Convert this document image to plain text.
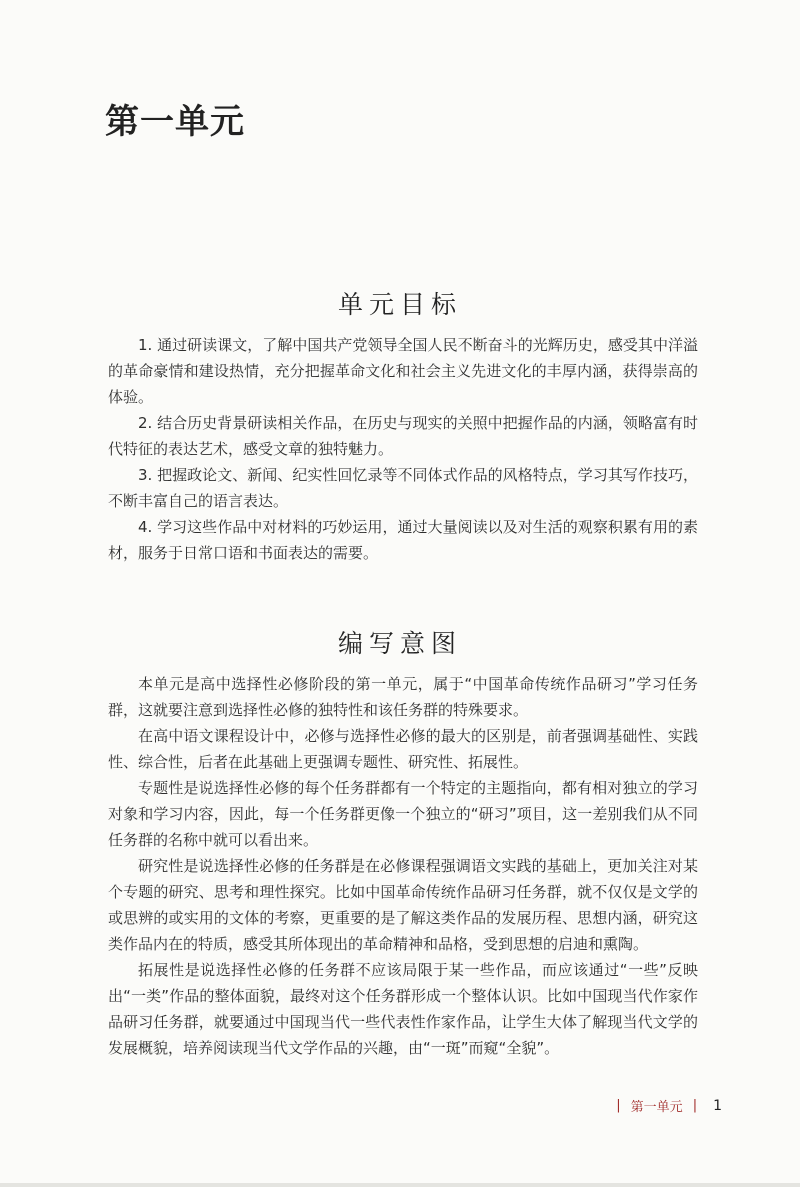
第一单元
单元目标

1. 通过研读课文，了解中国共产党领导全国人民不断奋斗的光辉历史，感受其中洋溢的革命豪情和建设热情，充分把握革命文化和社会主义先进文化的丰厚内涵，获得崇高的体验。

2. 结合历史背景研读相关作品，在历史与现实的关照中把握作品的内涵，领略富有时代特征的表达艺术，感受文章的独特魅力。

3. 把握政论文、新闻、纪实性回忆录等不同体式作品的风格特点，学习其写作技巧，不断丰富自己的语言表达。

4. 学习这些作品中对材料的巧妙运用，通过大量阅读以及对生活的观察积累有用的素材，服务于日常口语和书面表达的需要。

编写意图

本单元是高中选择性必修阶段的第一单元，属于“中国革命传统作品研习”学习任务群，这就要注意到选择性必修的独特性和该任务群的特殊要求。

在高中语文课程设计中，必修与选择性必修的最大的区别是，前者强调基础性、实践性、综合性，后者在此基础上更强调专题性、研究性、拓展性。

专题性是说选择性必修的每个任务群都有一个特定的主题指向，都有相对独立的学习对象和学习内容，因此，每一个任务群更像一个独立的“研习”项目，这一差别我们从不同任务群的名称中就可以看出来。

研究性是说选择性必修的任务群是在必修课程强调语文实践的基础上，更加关注对某个专题的研究、思考和理性探究。比如中国革命传统作品研习任务群，就不仅仅是文学的或思辨的或实用的文体的考察，更重要的是了解这类作品的发展历程、思想内涵，研究这类作品内在的特质，感受其所体现出的革命精神和品格，受到思想的启迪和熏陶。

拓展性是说选择性必修的任务群不应该局限于某一些作品，而应该通过“一些”反映出“一类”作品的整体面貌，最终对这个任务群形成一个整体认识。比如中国现当代作家作品研习任务群，就要通过中国现当代一些代表性作家作品，让学生大体了解现当代文学的发展概貌，培养阅读现当代文学作品的兴趣，由“一斑”而窥“全貌”。

| 第一单元 | 1
